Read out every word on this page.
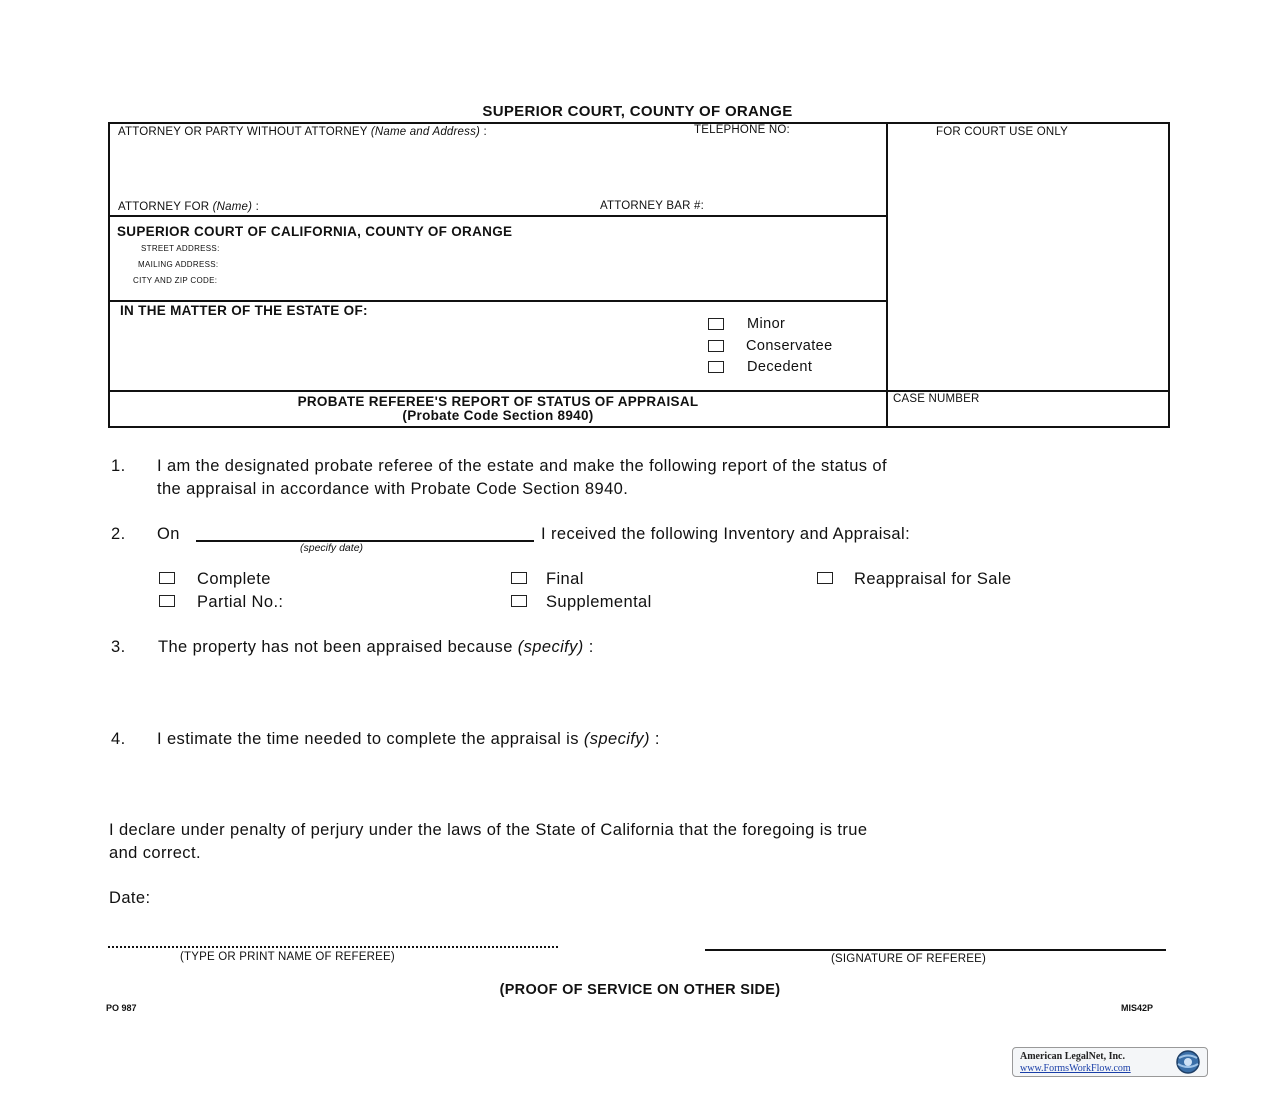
SUPERIOR COURT, COUNTY OF ORANGE
ATTORNEY OR PARTY WITHOUT ATTORNEY (Name and Address) :	TELEPHONE NO:	FOR COURT USE ONLY
ATTORNEY FOR (Name) :	ATTORNEY BAR #:
SUPERIOR COURT OF CALIFORNIA, COUNTY OF ORANGE
STREET ADDRESS:
MAILING ADDRESS:
CITY AND ZIP CODE:
IN THE MATTER OF THE ESTATE OF:
Minor
Conservatee
Decedent
PROBATE REFEREE'S REPORT OF STATUS OF APPRAISAL
(Probate Code Section 8940)
CASE NUMBER
1. I am the designated probate referee of the estate and make the following report of the status of
the appraisal in accordance with Probate Code Section 8940.
2. On	I received the following Inventory and Appraisal:
(specify date)
Complete	Final	Reappraisal for Sale
Partial No.:	Supplemental
3. The property has not been appraised because (specify) :
4. I estimate the time needed to complete the appraisal is (specify) :
I declare under penalty of perjury under the laws of the State of California that the foregoing is true
and correct.
Date:
(TYPE OR PRINT NAME OF REFEREE)	(SIGNATURE OF REFEREE)
(PROOF OF SERVICE ON OTHER SIDE)
PO 987	MIS42P
American LegalNet, Inc.
www.FormsWorkFlow.com
